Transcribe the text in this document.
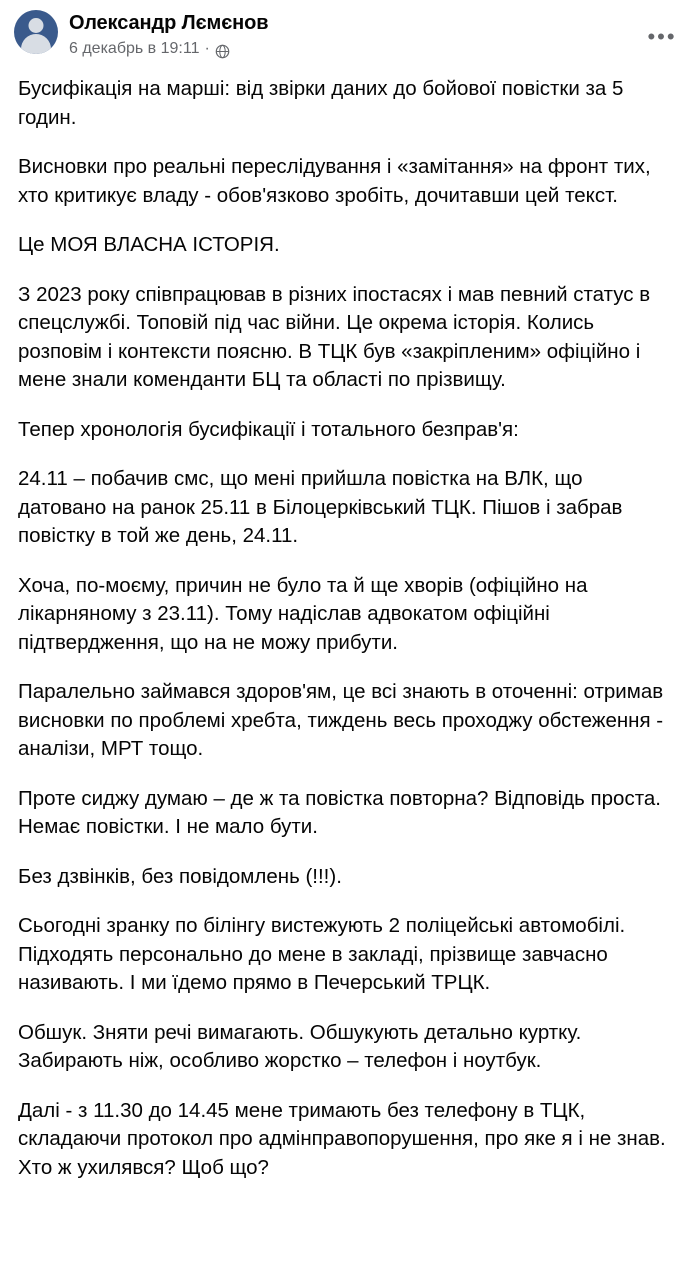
Олександр Лємєнов
6 декабрь в 19:11 ·	•••

Бусифікація на марші: від звірки даних до бойової повістки за 5 годин.

Висновки про реальні переслідування і «замітання» на фронт тих, хто критикує владу - обов'язково зробіть, дочитавши цей текст.

Це МОЯ ВЛАСНА ІСТОРІЯ.

З 2023 року співпрацював в різних іпостасях і мав певний статус в спецслужбі. Топовій під час війни. Це окрема історія. Колись розповім і контексти поясню. В ТЦК був «закріпленим» офіційно і мене знали коменданти БЦ та області по прізвищу.

Тепер хронологія бусифікації і тотального безправ'я:

24.11 – побачив смс, що мені прийшла повістка на ВЛК, що датовано на ранок 25.11 в Білоцерківський ТЦК. Пішов і забрав повістку в той же день, 24.11.

Хоча, по-моєму, причин не було та й ще хворів (офіційно на лікарняному з 23.11). Тому надіслав адвокатом офіційні підтвердження, що на не можу прибути.

Паралельно займався здоров'ям, це всі знають в оточенні: отримав висновки по проблемі хребта, тиждень весь проходжу обстеження - аналізи, МРТ тощо.

Проте сиджу думаю – де ж та повістка повторна? Відповідь проста. Немає повістки. І не мало бути.

Без дзвінків, без повідомлень (!!!).

Сьогодні зранку по білінгу вистежують 2 поліцейські автомобілі. Підходять персонально до мене в закладі, прізвище завчасно називають. І ми їдемо прямо в Печерський ТРЦК.

Обшук. Зняти речі вимагають. Обшукують детально куртку. Забирають ніж, особливо жорстко – телефон і ноутбук.

Далі - з 11.30 до 14.45 мене тримають без телефону в ТЦК, складаючи протокол про адмінправопорушення, про яке я і не знав. Хто ж ухилявся? Щоб що?
